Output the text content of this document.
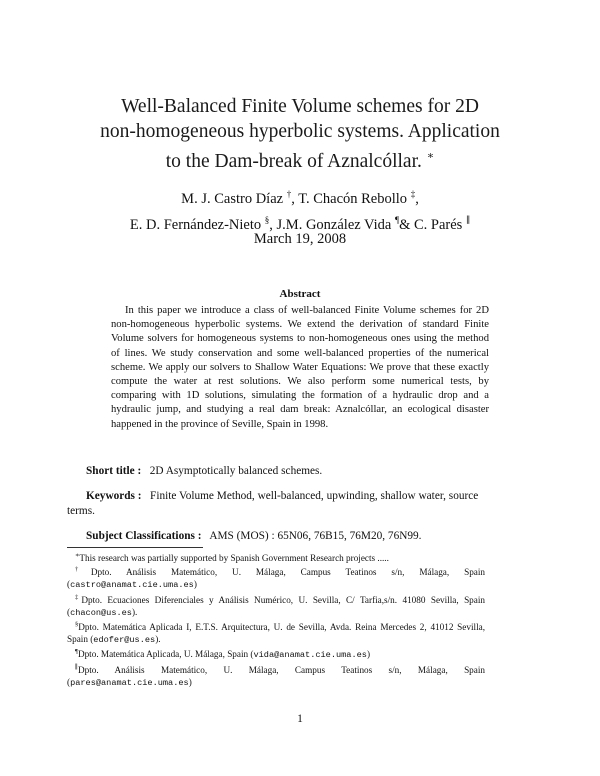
Well-Balanced Finite Volume schemes for 2D
non-homogeneous hyperbolic systems. Application
to the Dam-break of Aznalcóllar. ∗
M. J. Castro Díaz †, T. Chacón Rebollo ‡,
E. D. Fernández-Nieto §, J.M. González Vida ¶& C. Parés ∥
March 19, 2008
Abstract
In this paper we introduce a class of well-balanced Finite Volume schemes for 2D non-homogeneous hyperbolic systems. We extend the derivation of standard Finite Volume solvers for homogeneous systems to non-homogeneous ones using the method of lines. We study conservation and some well-balanced properties of the numerical scheme. We apply our solvers to Shallow Water Equations: We prove that these exactly compute the water at rest solutions. We also perform some numerical tests, by comparing with 1D solutions, simulating the formation of a hydraulic drop and a hydraulic jump, and studying a real dam break: Aznalcóllar, an ecological disaster happened in the province of Seville, Spain in 1998.
Short title : 2D Asymptotically balanced schemes.
Keywords : Finite Volume Method, well-balanced, upwinding, shallow water, source terms.
Subject Classifications : AMS (MOS) : 65N06, 76B15, 76M20, 76N99.

∗This research was partially supported by Spanish Government Research projects .....

†Dpto. Análisis Matemático, U. Málaga, Campus Teatinos s/n, Málaga, Spain (castro@anamat.cie.uma.es)

‡Dpto. Ecuaciones Diferenciales y Análisis Numérico, U. Sevilla, C/ Tarfia,s/n. 41080 Sevilla, Spain (chacon@us.es).

§Dpto. Matemática Aplicada I, E.T.S. Arquitectura, U. de Sevilla, Avda. Reina Mercedes 2, 41012 Sevilla, Spain (edofer@us.es).

¶Dpto. Matemática Aplicada, U. Málaga, Spain (vida@anamat.cie.uma.es)

∥Dpto. Análisis Matemático, U. Málaga, Campus Teatinos s/n, Málaga, Spain (pares@anamat.cie.uma.es)

1
